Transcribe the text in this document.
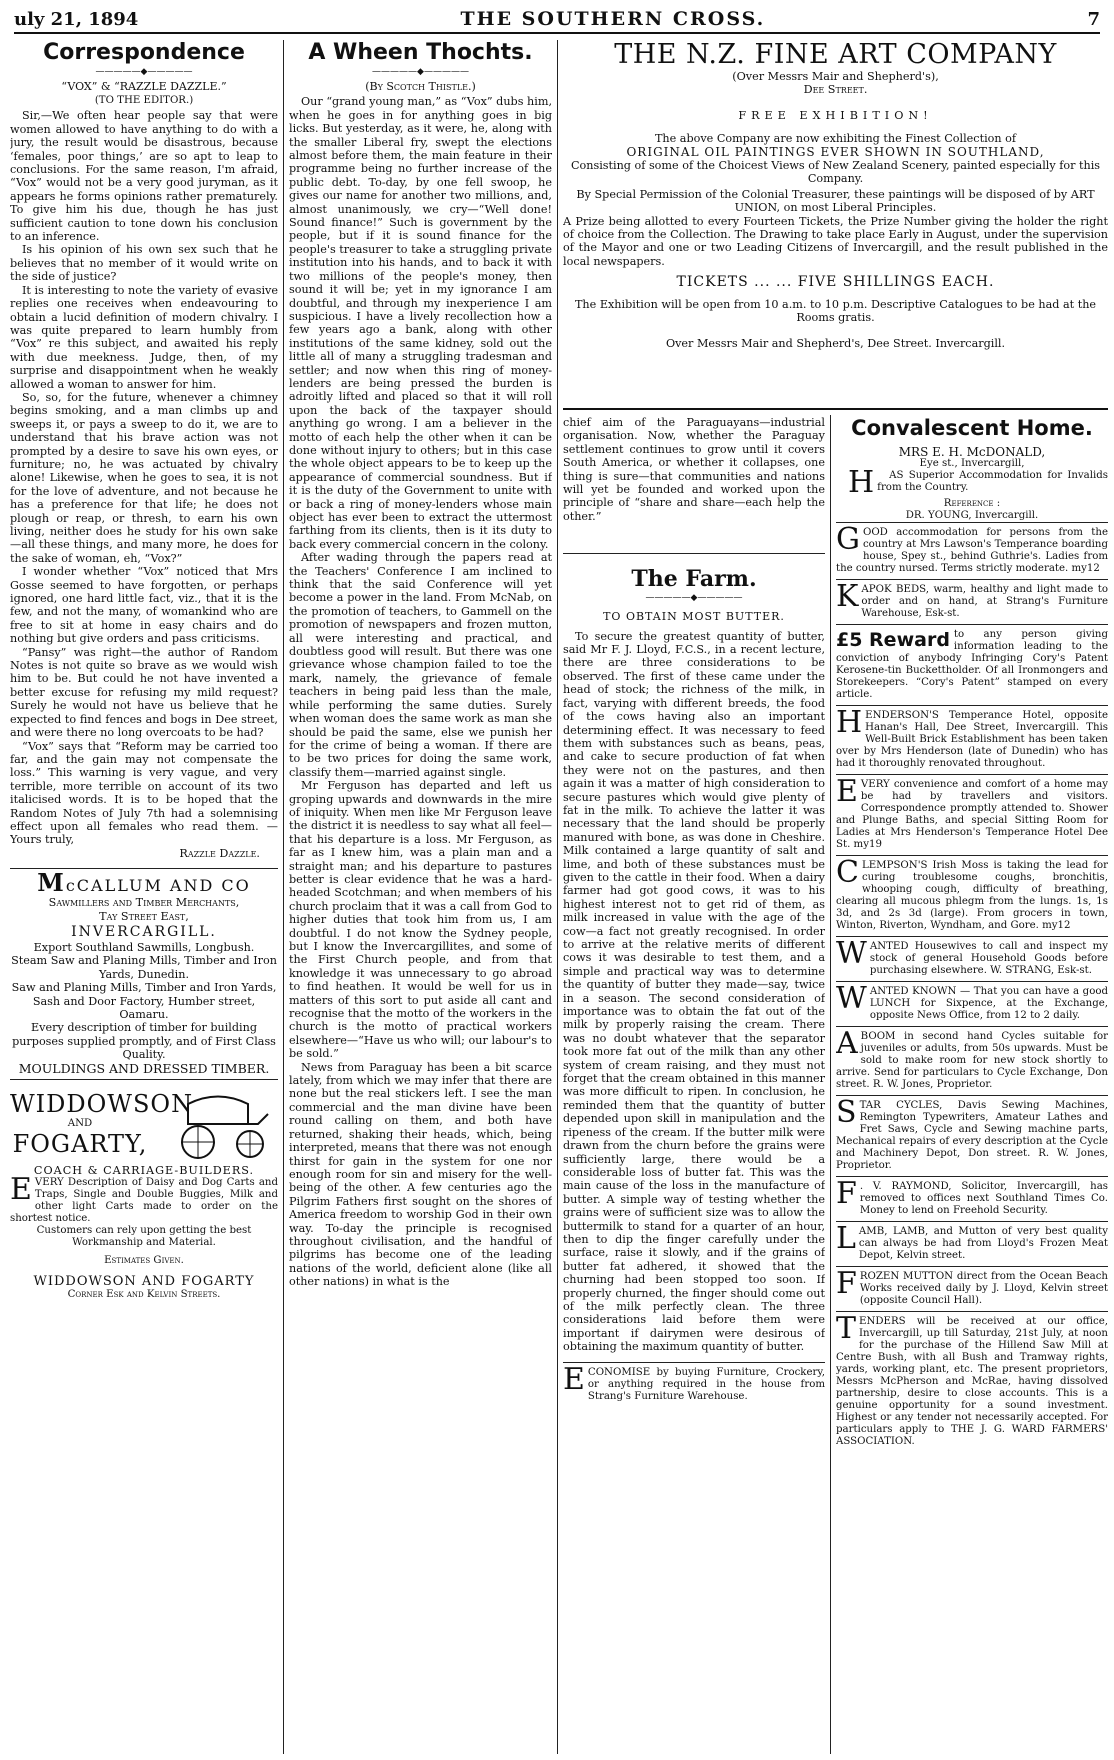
uly 21, 1894	THE SOUTHERN CROSS.	7
Correspondence
—————◆—————
“VOX” & “RAZZLE DAZZLE.”
(TO THE EDITOR.)

Sir,—We often hear people say that were women allowed to have anything to do with a jury, the result would be disastrous, because ‘females, poor things,’ are so apt to leap to conclusions. For the same reason, I'm afraid, “Vox” would not be a very good juryman, as it appears he forms opinions rather prematurely. To give him his due, though he has just sufficient caution to tone down his conclusion to an inference.

Is his opinion of his own sex such that he believes that no member of it would write on the side of justice?

It is interesting to note the variety of evasive replies one receives when endeavouring to obtain a lucid definition of modern chivalry. I was quite prepared to learn humbly from “Vox” re this subject, and awaited his reply with due meekness. Judge, then, of my surprise and disappointment when he weakly allowed a woman to answer for him.

So, so, for the future, whenever a chimney begins smoking, and a man climbs up and sweeps it, or pays a sweep to do it, we are to understand that his brave action was not prompted by a desire to save his own eyes, or furniture; no, he was actuated by chivalry alone! Likewise, when he goes to sea, it is not for the love of adventure, and not because he has a preference for that life; he does not plough or reap, or thresh, to earn his own living, neither does he study for his own sake—all these things, and many more, he does for the sake of woman, eh, “Vox?”

I wonder whether “Vox” noticed that Mrs Gosse seemed to have forgotten, or perhaps ignored, one hard little fact, viz., that it is the few, and not the many, of womankind who are free to sit at home in easy chairs and do nothing but give orders and pass criticisms.

“Pansy” was right—the author of Random Notes is not quite so brave as we would wish him to be. But could he not have invented a better excuse for refusing my mild request? Surely he would not have us believe that he expected to find fences and bogs in Dee street, and were there no long overcoats to be had?

“Vox” says that “Reform may be carried too far, and the gain may not compensate the loss.” This warning is very vague, and very terrible, more terrible on account of its two italicised words. It is to be hoped that the Random Notes of July 7th had a solemnising effect upon all females who read them. — Yours truly,

Razzle Dazzle.

McCALLUM AND CO

Sawmillers and Timber Merchants,

Tay Street East,

INVERCARGILL.

Export Southland Sawmills, Longbush.

Steam Saw and Planing Mills, Timber and Iron Yards, Dunedin.

Saw and Planing Mills, Timber and Iron Yards, Sash and Door Factory, Humber street, Oamaru.

Every description of timber for building purposes supplied promptly, and of First Class Quality.

MOULDINGS AND DRESSED TIMBER.

WIDDOWSON
AND
FOGARTY,

COACH & CARRIAGE-BUILDERS.

EVERY Description of Daisy and Dog Carts and Traps, Single and Double Buggies, Milk and other light Carts made to order on the shortest notice.

Customers can rely upon getting the best Workmanship and Material.

Estimates Given.

WIDDOWSON AND FOGARTY

Corner Esk and Kelvin Streets.

A Wheen Thochts.
—————◆—————
(By Scotch Thistle.)

Our “grand young man,” as “Vox” dubs him, when he goes in for anything goes in big licks. But yesterday, as it were, he, along with the smaller Liberal fry, swept the elections almost before them, the main feature in their programme being no further increase of the public debt. To-day, by one fell swoop, he gives our name for another two millions, and, almost unanimously, we cry—“Well done! Sound finance!” Such is government by the people, but if it is sound finance for the people's treasurer to take a struggling private institution into his hands, and to back it with two millions of the people's money, then sound it will be; yet in my ignorance I am doubtful, and through my inexperience I am suspicious. I have a lively recollection how a few years ago a bank, along with other institutions of the same kidney, sold out the little all of many a struggling tradesman and settler; and now when this ring of money-lenders are being pressed the burden is adroitly lifted and placed so that it will roll upon the back of the taxpayer should anything go wrong. I am a believer in the motto of each help the other when it can be done without injury to others; but in this case the whole object appears to be to keep up the appearance of commercial soundness. But if it is the duty of the Government to unite with or back a ring of money-lenders whose main object has ever been to extract the uttermost farthing from its clients, then is it its duty to back every commercial concern in the colony.

After wading through the papers read at the Teachers' Conference I am inclined to think that the said Conference will yet become a power in the land. From McNab, on the promotion of teachers, to Gammell on the promotion of newspapers and frozen mutton, all were interesting and practical, and doubtless good will result. But there was one grievance whose champion failed to toe the mark, namely, the grievance of female teachers in being paid less than the male, while performing the same duties. Surely when woman does the same work as man she should be paid the same, else we punish her for the crime of being a woman. If there are to be two prices for doing the same work, classify them—married against single.

Mr Ferguson has departed and left us groping upwards and downwards in the mire of iniquity. When men like Mr Ferguson leave the district it is needless to say what all feel—that his departure is a loss. Mr Ferguson, as far as I knew him, was a plain man and a straight man; and his departure to pastures better is clear evidence that he was a hard-headed Scotchman; and when members of his church proclaim that it was a call from God to higher duties that took him from us, I am doubtful. I do not know the Sydney people, but I know the Invercargillites, and some of the First Church people, and from that knowledge it was unnecessary to go abroad to find heathen. It would be well for us in matters of this sort to put aside all cant and recognise that the motto of the workers in the church is the motto of practical workers elsewhere—“Have us who will; our labour's to be sold.”

News from Paraguay has been a bit scarce lately, from which we may infer that there are none but the real stickers left. I see the man commercial and the man divine have been round calling on them, and both have returned, shaking their heads, which, being interpreted, means that there was not enough thirst for gain in the system for one nor enough room for sin and misery for the well-being of the other. A few centuries ago the Pilgrim Fathers first sought on the shores of America freedom to worship God in their own way. To-day the principle is recognised throughout civilisation, and the handful of pilgrims has become one of the leading nations of the world, deficient alone (like all other nations) in what is the

THE N.Z. FINE ART COMPANY
(Over Messrs Mair and Shepherd's),
Dee Street.
FREE EXHIBITION!
The above Company are now exhibiting the Finest Collection of
ORIGINAL OIL PAINTINGS EVER SHOWN IN SOUTHLAND,
Consisting of some of the Choicest Views of New Zealand Scenery, painted especially for this Company.
By Special Permission of the Colonial Treasurer, these paintings will be disposed of by ART UNION, on most Liberal Principles.
A Prize being allotted to every Fourteen Tickets, the Prize Number giving the holder the right of choice from the Collection. The Drawing to take place Early in August, under the supervision of the Mayor and one or two Leading Citizens of Invercargill, and the result published in the local newspapers.
TICKETS ... ... FIVE SHILLINGS EACH.
The Exhibition will be open from 10 a.m. to 10 p.m. Descriptive Catalogues to be had at the Rooms gratis.
Over Messrs Mair and Shepherd's, Dee Street. Invercargill.

chief aim of the Paraguayans—industrial organisation. Now, whether the Paraguay settlement continues to grow until it covers South America, or whether it collapses, one thing is sure—that communities and nations will yet be founded and worked upon the principle of “share and share—each help the other.”

The Farm.
—————◆—————
TO OBTAIN MOST BUTTER.

To secure the greatest quantity of butter, said Mr F. J. Lloyd, F.C.S., in a recent lecture, there are three considerations to be observed. The first of these came under the head of stock; the richness of the milk, in fact, varying with different breeds, the food of the cows having also an important determining effect. It was necessary to feed them with substances such as beans, peas, and cake to secure production of fat when they were not on the pastures, and then again it was a matter of high consideration to secure pastures which would give plenty of fat in the milk. To achieve the latter it was necessary that the land should be properly manured with bone, as was done in Cheshire. Milk contained a large quantity of salt and lime, and both of these substances must be given to the cattle in their food. When a dairy farmer had got good cows, it was to his highest interest not to get rid of them, as milk increased in value with the age of the cow—a fact not greatly recognised. In order to arrive at the relative merits of different cows it was desirable to test them, and a simple and practical way was to determine the quantity of butter they made—say, twice in a season. The second consideration of importance was to obtain the fat out of the milk by properly raising the cream. There was no doubt whatever that the separator took more fat out of the milk than any other system of cream raising, and they must not forget that the cream obtained in this manner was more difficult to ripen. In conclusion, he reminded them that the quantity of butter depended upon skill in manipulation and the ripeness of the cream. If the butter milk were drawn from the churn before the grains were sufficiently large, there would be a considerable loss of butter fat. This was the main cause of the loss in the manufacture of butter. A simple way of testing whether the grains were of sufficient size was to allow the buttermilk to stand for a quarter of an hour, then to dip the finger carefully under the surface, raise it slowly, and if the grains of butter fat adhered, it showed that the churning had been stopped too soon. If properly churned, the finger should come out of the milk perfectly clean. The three considerations laid before them were important if dairymen were desirous of obtaining the maximum quantity of butter.

ECONOMISE by buying Furniture, Crockery, or anything required in the house from Strang's Furniture Warehouse.

Convalescent Home.

MRS E. H. McDONALD,

Eye st., Invercargill,

H AS Superior Accommodation for Invalids from the Country.

Reference :

DR. YOUNG, Invercargill.

GOOD accommodation for persons from the country at Mrs Lawson's Temperance boarding house, Spey st., behind Guthrie's. Ladies from the country nursed. Terms strictly moderate. my12

KAPOK BEDS, warm, healthy and light made to order and on hand, at Strang's Furniture Warehouse, Esk-st.

£5 Reward to any person giving information leading to the conviction of anybody Infringing Cory's Patent Kerosene-tin Buckettholder. Of all Ironmongers and Storekeepers. “Cory's Patent” stamped on every article.

HENDERSON'S Temperance Hotel, opposite Hanan's Hall, Dee Street, Invercargill. This Well-Built Brick Establishment has been taken over by Mrs Henderson (late of Dunedin) who has had it thoroughly renovated throughout.

EVERY convenience and comfort of a home may be had by travellers and visitors. Correspondence promptly attended to. Shower and Plunge Baths, and special Sitting Room for Ladies at Mrs Henderson's Temperance Hotel Dee St. my19

CLEMPSON'S Irish Moss is taking the lead for curing troublesome coughs, bronchitis, whooping cough, difficulty of breathing, clearing all mucous phlegm from the lungs. 1s, 1s 3d, and 2s 3d (large). From grocers in town, Winton, Riverton, Wyndham, and Gore. my12

WANTED Housewives to call and inspect my stock of general Household Goods before purchasing elsewhere. W. STRANG, Esk-st.

WANTED KNOWN — That you can have a good LUNCH for Sixpence, at the Exchange, opposite News Office, from 12 to 2 daily.

ABOOM in second hand Cycles suitable for juveniles or adults, from 50s upwards. Must be sold to make room for new stock shortly to arrive. Send for particulars to Cycle Exchange, Don street. R. W. Jones, Proprietor.

STAR CYCLES, Davis Sewing Machines, Remington Typewriters, Amateur Lathes and Fret Saws, Cycle and Sewing machine parts, Mechanical repairs of every description at the Cycle and Machinery Depot, Don street. R. W. Jones, Proprietor.

F . V. RAYMOND, Solicitor, Invercargill, has removed to offices next Southland Times Co. Money to lend on Freehold Security.

LAMB, LAMB, and Mutton of very best quality can always be had from Lloyd's Frozen Meat Depot, Kelvin street.

FROZEN MUTTON direct from the Ocean Beach Works received daily by J. Lloyd, Kelvin street (opposite Council Hall).

TENDERS will be received at our office, Invercargill, up till Saturday, 21st July, at noon for the purchase of the Hillend Saw Mill at Centre Bush, with all Bush and Tramway rights, yards, working plant, etc. The present proprietors, Messrs McPherson and McRae, having dissolved partnership, desire to close accounts. This is a genuine opportunity for a sound investment. Highest or any tender not necessarily accepted. For particulars apply to THE J. G. WARD FARMERS' ASSOCIATION.
